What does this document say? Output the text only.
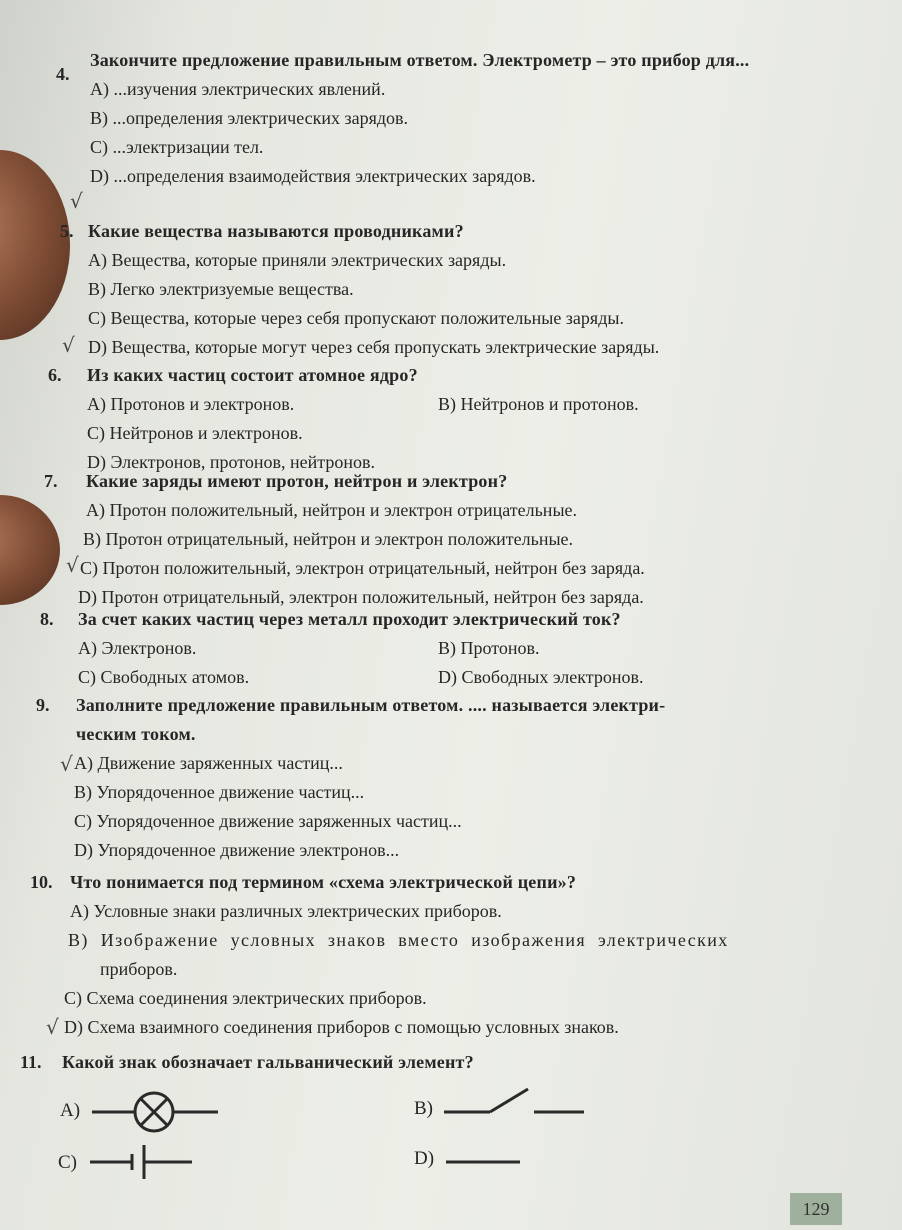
4.
Закончите предложение правильным ответом. Электрометр – это прибор для...
A) ...изучения электрических явлений.
B) ...определения электрических зарядов.
C) ...электризации тел.
D) ...определения взаимодействия электрических зарядов.
√
5. Какие вещества называются проводниками?
A) Вещества, которые приняли электрических заряды.
B) Легко электризуемые вещества.
C) Вещества, которые через себя пропускают положительные заряды.
D) Вещества, которые могут через себя пропускать электрические заряды.
√
6. Из каких частиц состоит атомное ядро?
A) Протонов и электронов.	B) Нейтронов и протонов.
C) Нейтронов и электронов.
D) Электронов, протонов, нейтронов.
7. Какие заряды имеют протон, нейтрон и электрон?
A) Протон положительный, нейтрон и электрон отрицательные.
B) Протон отрицательный, нейтрон и электрон положительные.
C) Протон положительный, электрон отрицательный, нейтрон без заряда.
D) Протон отрицательный, электрон положительный, нейтрон без заряда.
√
8. За счет каких частиц через металл проходит электрический ток?
A) Электронов.	B) Протонов.
C) Свободных атомов.	D) Свободных электронов.
9. Заполните предложение правильным ответом. .... называется электри-
ческим током.
A) Движение заряженных частиц...
B) Упорядоченное движение частиц...
C) Упорядоченное движение заряженных частиц...
D) Упорядоченное движение электронов...
√
10. Что понимается под термином «схема электрической цепи»?
A) Условные знаки различных электрических приборов.
B) Изображение условных знаков вместо изображения электрических
приборов.
C) Схема соединения электрических приборов.
D) Схема взаимного соединения приборов с помощью условных знаков.
√
11. Какой знак обозначает гальванический элемент?
A)	B)
C)	D)
129
